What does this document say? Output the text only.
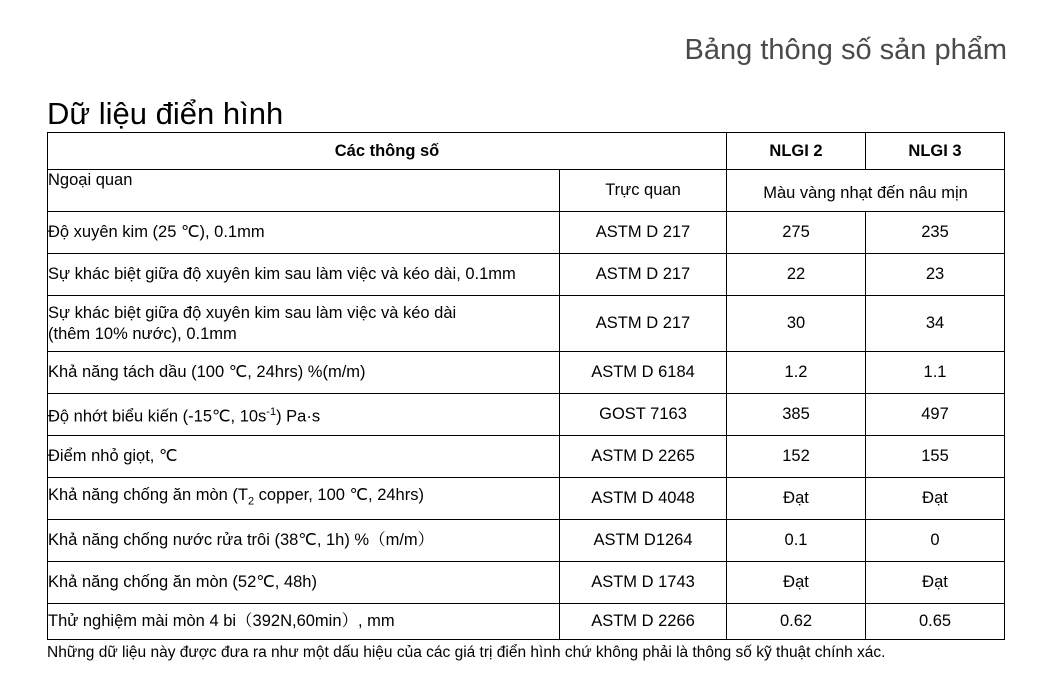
Bảng thông số sản phẩm
Dữ liệu điển hình
Các thông số		NLGI 2	NLGI 3
Ngoại quan	Trực quan	Màu vàng nhạt đến nâu mịn	
Độ xuyên kim (25 ℃), 0.1mm	ASTM D 217	275	235
Sự khác biệt giữa độ xuyên kim sau làm việc và kéo dài, 0.1mm	ASTM D 217	22	23

Sự khác biệt giữa độ xuyên kim sau làm việc và kéo dài
(thêm 10% nước), 0.1mm	ASTM D 217	30	34
Khả năng tách dầu (100 ℃, 24hrs) %(m/m)	ASTM D 6184	1.2	1.1
Độ nhớt biểu kiến (-15℃, $10s^{-1}$) Pa·s	GOST 7163	385	497
Điểm nhỏ giọt, ℃	ASTM D 2265	152	155
Khả năng chống ăn mòn ($T_2$ copper, 100 ℃, 24hrs)	ASTM D 4048	Đạt	Đạt
Khả năng chống nước rửa trôi (38℃, 1h) %（m/m）	ASTM D1264	0.1	0
Khả năng chống ăn mòn (52℃, 48h)	ASTM D 1743	Đạt	Đạt
Thử nghiệm mài mòn 4 bi（392N,60min）, mm	ASTM D 2266	0.62	0.65
Những dữ liệu này được đưa ra như một dấu hiệu của các giá trị điển hình chứ không phải là thông số kỹ thuật chính xác.
